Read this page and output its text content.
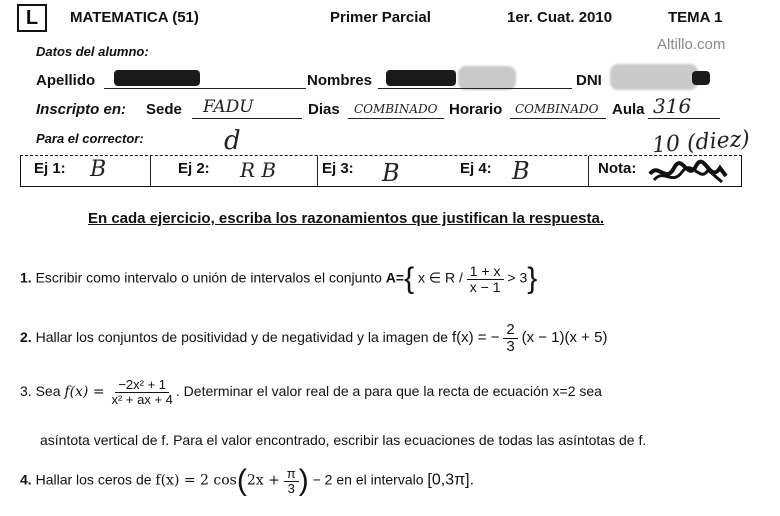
L	MATEMATICA (51)	Primer Parcial	1er. Cuat. 2010	TEMA 1
Altillo.com
Datos del alumno:
Apellido	Nombres	DNI
Inscripto en: Sede FADU	Dias COMBINADO Horario COMBINADO Aula 316
Para el corrector:	d	10 (diez)
Ej 1: B	Ej 2: R B	Ej 3: B	Ej 4: B	Nota:
En cada ejercicio, escriba los razonamientos que justifican la respuesta.
1. Escribir como intervalo o unión de intervalos el conjunto A={ x ∈ $R / \frac{1 + x}{x - 1} > 3$}
2. Hallar los conjuntos de positividad y de negatividad y la imagen de f(x) = − $\frac{2}{3} (x - 1)(x + 5)$
3. Sea $f(x) = \frac{\text{−2x² + 1}}{\text{x² + ax + 4}}$ . Determinar el valor real de a para que la recta de ecuación x=2 sea
asíntota vertical de f. Para el valor encontrado, escribir las ecuaciones de todas las asíntotas de f.
4. Hallar los ceros de f(x) = 2 $\cos(2x + \frac{\pi}{3}$ ) − 2 en el intervalo [0,3π].
